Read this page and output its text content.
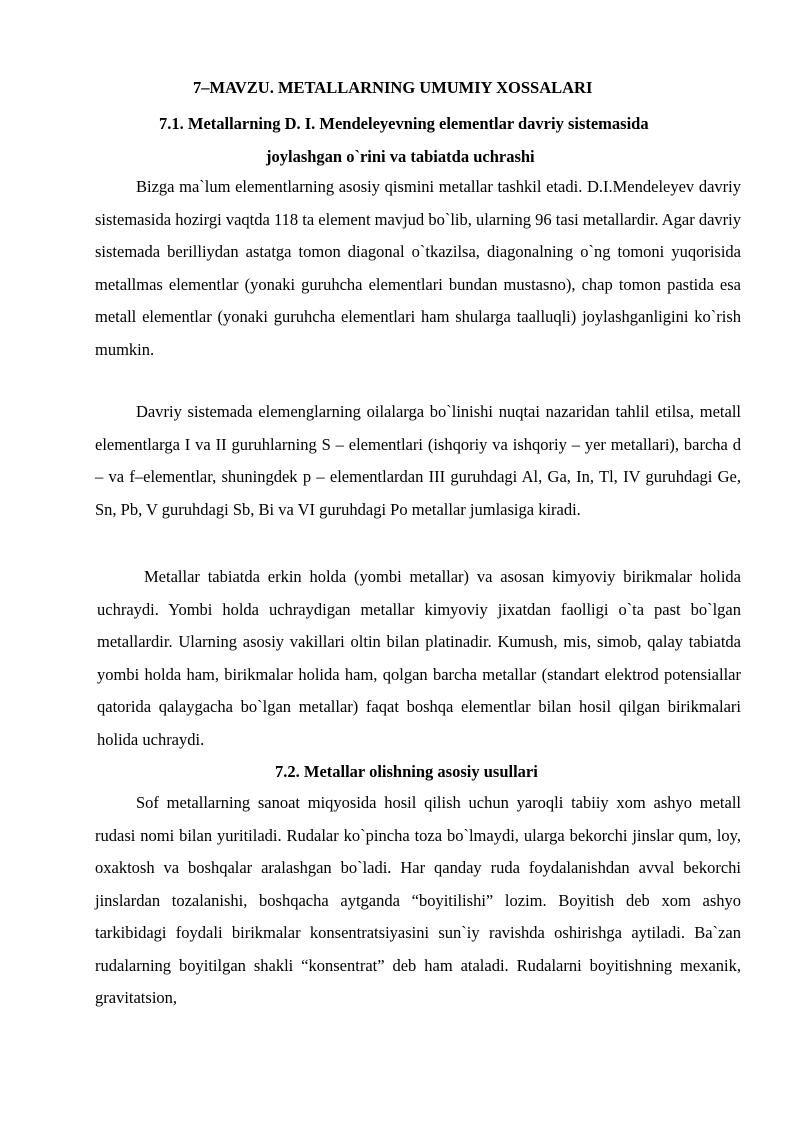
7–MAVZU. METALLARNING UMUMIY XOSSALARI
7.1. Metallarning D. I. Mendeleyevning elementlar davriy sistemasida
joylashgan o`rini va tabiatda uchrashi

Bizga ma`lum elementlarning asosiy qismini metallar tashkil etadi. D.I.Mendeleyev davriy sistemasida hozirgi vaqtda 118 ta element mavjud bo`lib, ularning 96 tasi metallardir. Agar davriy sistemada berilliydan astatga tomon diagonal o`tkazilsa, diagonalning o`ng tomoni yuqorisida metallmas elementlar (yonaki guruhcha elementlari bundan mustasno), chap tomon pastida esa metall elementlar (yonaki guruhcha elementlari ham shularga taalluqli) joylashganligini ko`rish mumkin.

Davriy sistemada elemenglarning oilalarga bo`linishi nuqtai nazaridan tahlil etilsa, metall elementlarga I va II guruhlarning S – elementlari (ishqoriy va ishqoriy – yer metallari), barcha d – va f–elementlar, shuningdek p – elementlardan III guruhdagi Al, Ga, In, Tl, IV guruhdagi Ge, Sn, Pb, V guruhdagi Sb, Bi va VI guruhdagi Po metallar jumlasiga kiradi.

Metallar tabiatda erkin holda (yombi metallar) va asosan kimyoviy birikmalar holida uchraydi. Yombi holda uchraydigan metallar kimyoviy jixatdan faolligi o`ta past bo`lgan metallardir. Ularning asosiy vakillari oltin bilan platinadir. Kumush, mis, simob, qalay tabiatda yombi holda ham, birikmalar holida ham, qolgan barcha metallar (standart elektrod potensiallar qatorida qalaygacha bo`lgan metallar) faqat boshqa elementlar bilan hosil qilgan birikmalari holida uchraydi.

7.2. Metallar olishning asosiy usullari

Sof metallarning sanoat miqyosida hosil qilish uchun yaroqli tabiiy xom ashyo metall rudasi nomi bilan yuritiladi. Rudalar ko`pincha toza bo`lmaydi, ularga bekorchi jinslar qum, loy, oxaktosh va boshqalar aralashgan bo`ladi. Har qanday ruda foydalanishdan avval bekorchi jinslardan tozalanishi, boshqacha aytganda “boyitilishi” lozim. Boyitish deb xom ashyo tarkibidagi foydali birikmalar konsentratsiyasini sun`iy ravishda oshirishga aytiladi. Ba`zan rudalarning boyitilgan shakli “konsentrat” deb ham ataladi. Rudalarni boyitishning mexanik, gravitatsion,
